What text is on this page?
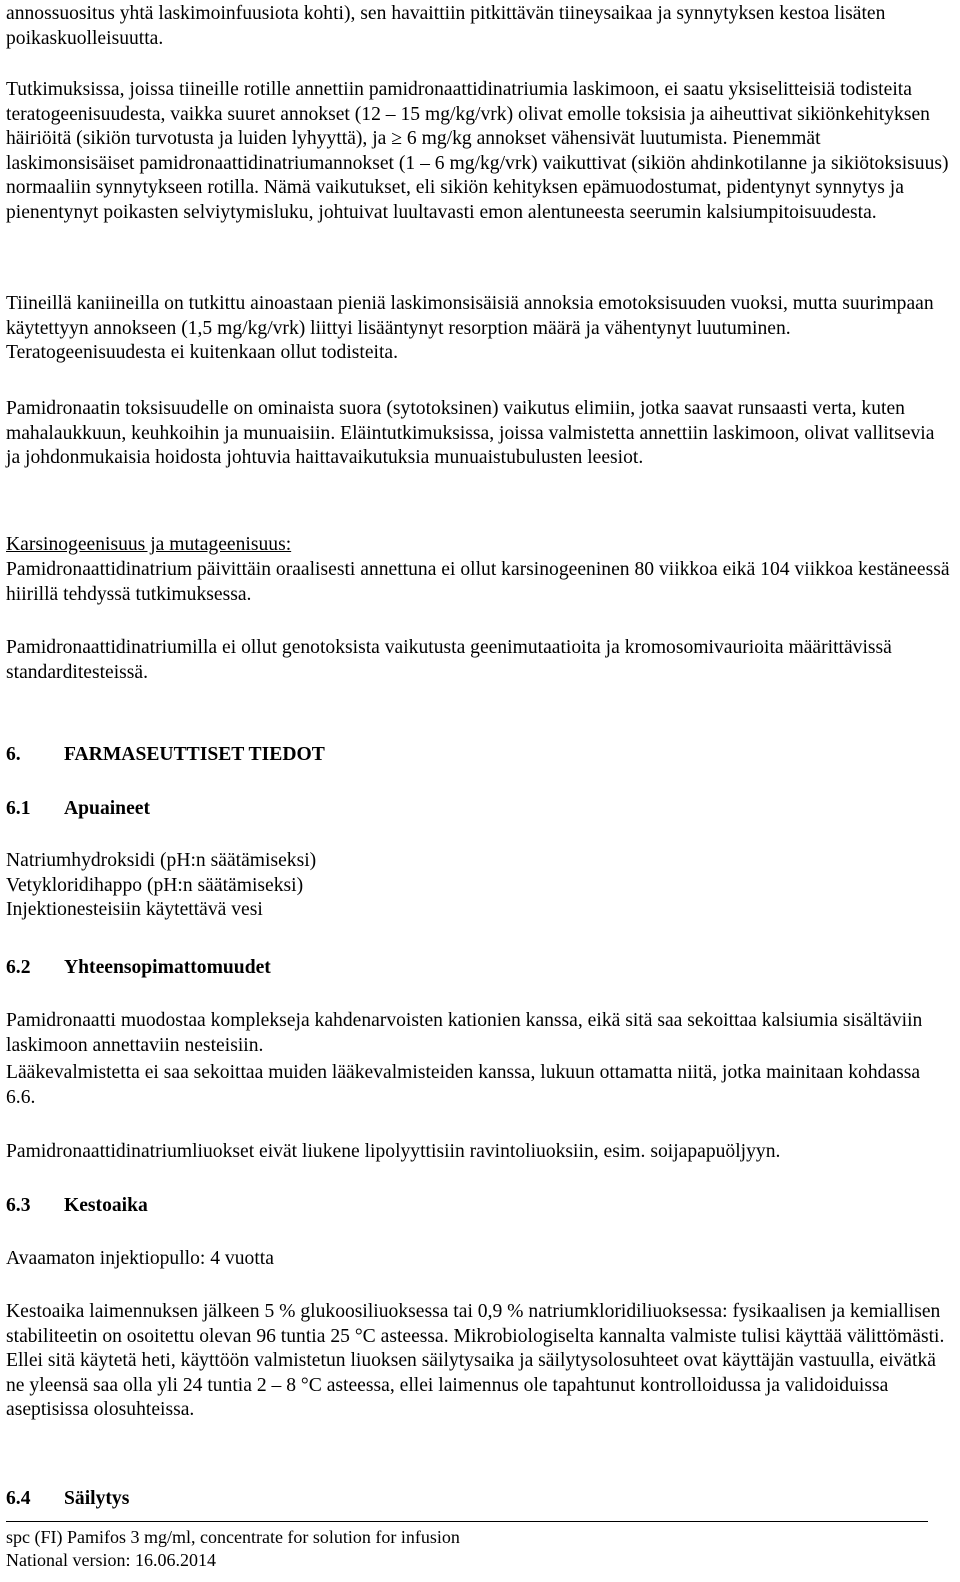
annossuositus yhtä laskimoinfuusiota kohti), sen havaittiin pitkittävän tiineysaikaa ja synnytyksen kestoa lisäten poikaskuolleisuutta.

Tutkimuksissa, joissa tiineille rotille annettiin pamidronaattidinatriumia laskimoon, ei saatu yksiselitteisiä todisteita teratogeenisuudesta, vaikka suuret annokset (12 – 15 mg/kg/vrk) olivat emolle toksisia ja aiheuttivat sikiönkehityksen häiriöitä (sikiön turvotusta ja luiden lyhyyttä), ja ≥ 6 mg/kg annokset vähensivät luutumista. Pienemmät laskimonsisäiset pamidronaattidinatriumannokset (1 – 6 mg/kg/vrk) vaikuttivat (sikiön ahdinkotilanne ja sikiötoksisuus) normaaliin synnytykseen rotilla. Nämä vaikutukset, eli sikiön kehityksen epämuodostumat, pidentynyt synnytys ja pienentynyt poikasten selviytymisluku, johtuivat luultavasti emon alentuneesta seerumin kalsiumpitoisuudesta.

Tiineillä kaniineilla on tutkittu ainoastaan pieniä laskimonsisäisiä annoksia emotoksisuuden vuoksi, mutta suurimpaan käytettyyn annokseen (1,5 mg/kg/vrk) liittyi lisääntynyt resorption määrä ja vähentynyt luutuminen. Teratogeenisuudesta ei kuitenkaan ollut todisteita.

Pamidronaatin toksisuudelle on ominaista suora (sytotoksinen) vaikutus elimiin, jotka saavat runsaasti verta, kuten mahalaukkuun, keuhkoihin ja munuaisiin. Eläintutkimuksissa, joissa valmistetta annettiin laskimoon, olivat vallitsevia ja johdonmukaisia hoidosta johtuvia haittavaikutuksia munuaistubulusten leesiot.

Karsinogeenisuus ja mutageenisuus:

Pamidronaattidinatrium päivittäin oraalisesti annettuna ei ollut karsinogeeninen 80 viikkoa eikä 104 viikkoa kestäneessä hiirillä tehdyssä tutkimuksessa.

Pamidronaattidinatriumilla ei ollut genotoksista vaikutusta geenimutaatioita ja kromosomivaurioita määrittävissä standarditesteissä.

6.	FARMASEUTTISET TIEDOT
6.1	Apuaineet

Natriumhydroksidi (pH:n säätämiseksi)

Vetykloridihappo (pH:n säätämiseksi)

Injektionesteisiin käytettävä vesi

6.2	Yhteensopimattomuudet

Pamidronaatti muodostaa komplekseja kahdenarvoisten kationien kanssa, eikä sitä saa sekoittaa kalsiumia sisältäviin laskimoon annettaviin nesteisiin.

Lääkevalmistetta ei saa sekoittaa muiden lääkevalmisteiden kanssa, lukuun ottamatta niitä, jotka mainitaan kohdassa 6.6.

Pamidronaattidinatriumliuokset eivät liukene lipolyyttisiin ravintoliuoksiin, esim. soijapapuöljyyn.

6.3	Kestoaika

Avaamaton injektiopullo: 4 vuotta

Kestoaika laimennuksen jälkeen 5 % glukoosiliuoksessa tai 0,9 % natriumkloridiliuoksessa: fysikaalisen ja kemiallisen stabiliteetin on osoitettu olevan 96 tuntia 25 °C asteessa. Mikrobiologiselta kannalta valmiste tulisi käyttää välittömästi. Ellei sitä käytetä heti, käyttöön valmistetun liuoksen säilytysaika ja säilytysolosuhteet ovat käyttäjän vastuulla, eivätkä ne yleensä saa olla yli 24 tuntia 2 – 8 °C asteessa, ellei laimennus ole tapahtunut kontrolloidussa ja validoiduissa aseptisissa olosuhteissa.

6.4	Säilytys
spc (FI) Pamifos 3 mg/ml, concentrate for solution for infusion
National version: 16.06.2014
